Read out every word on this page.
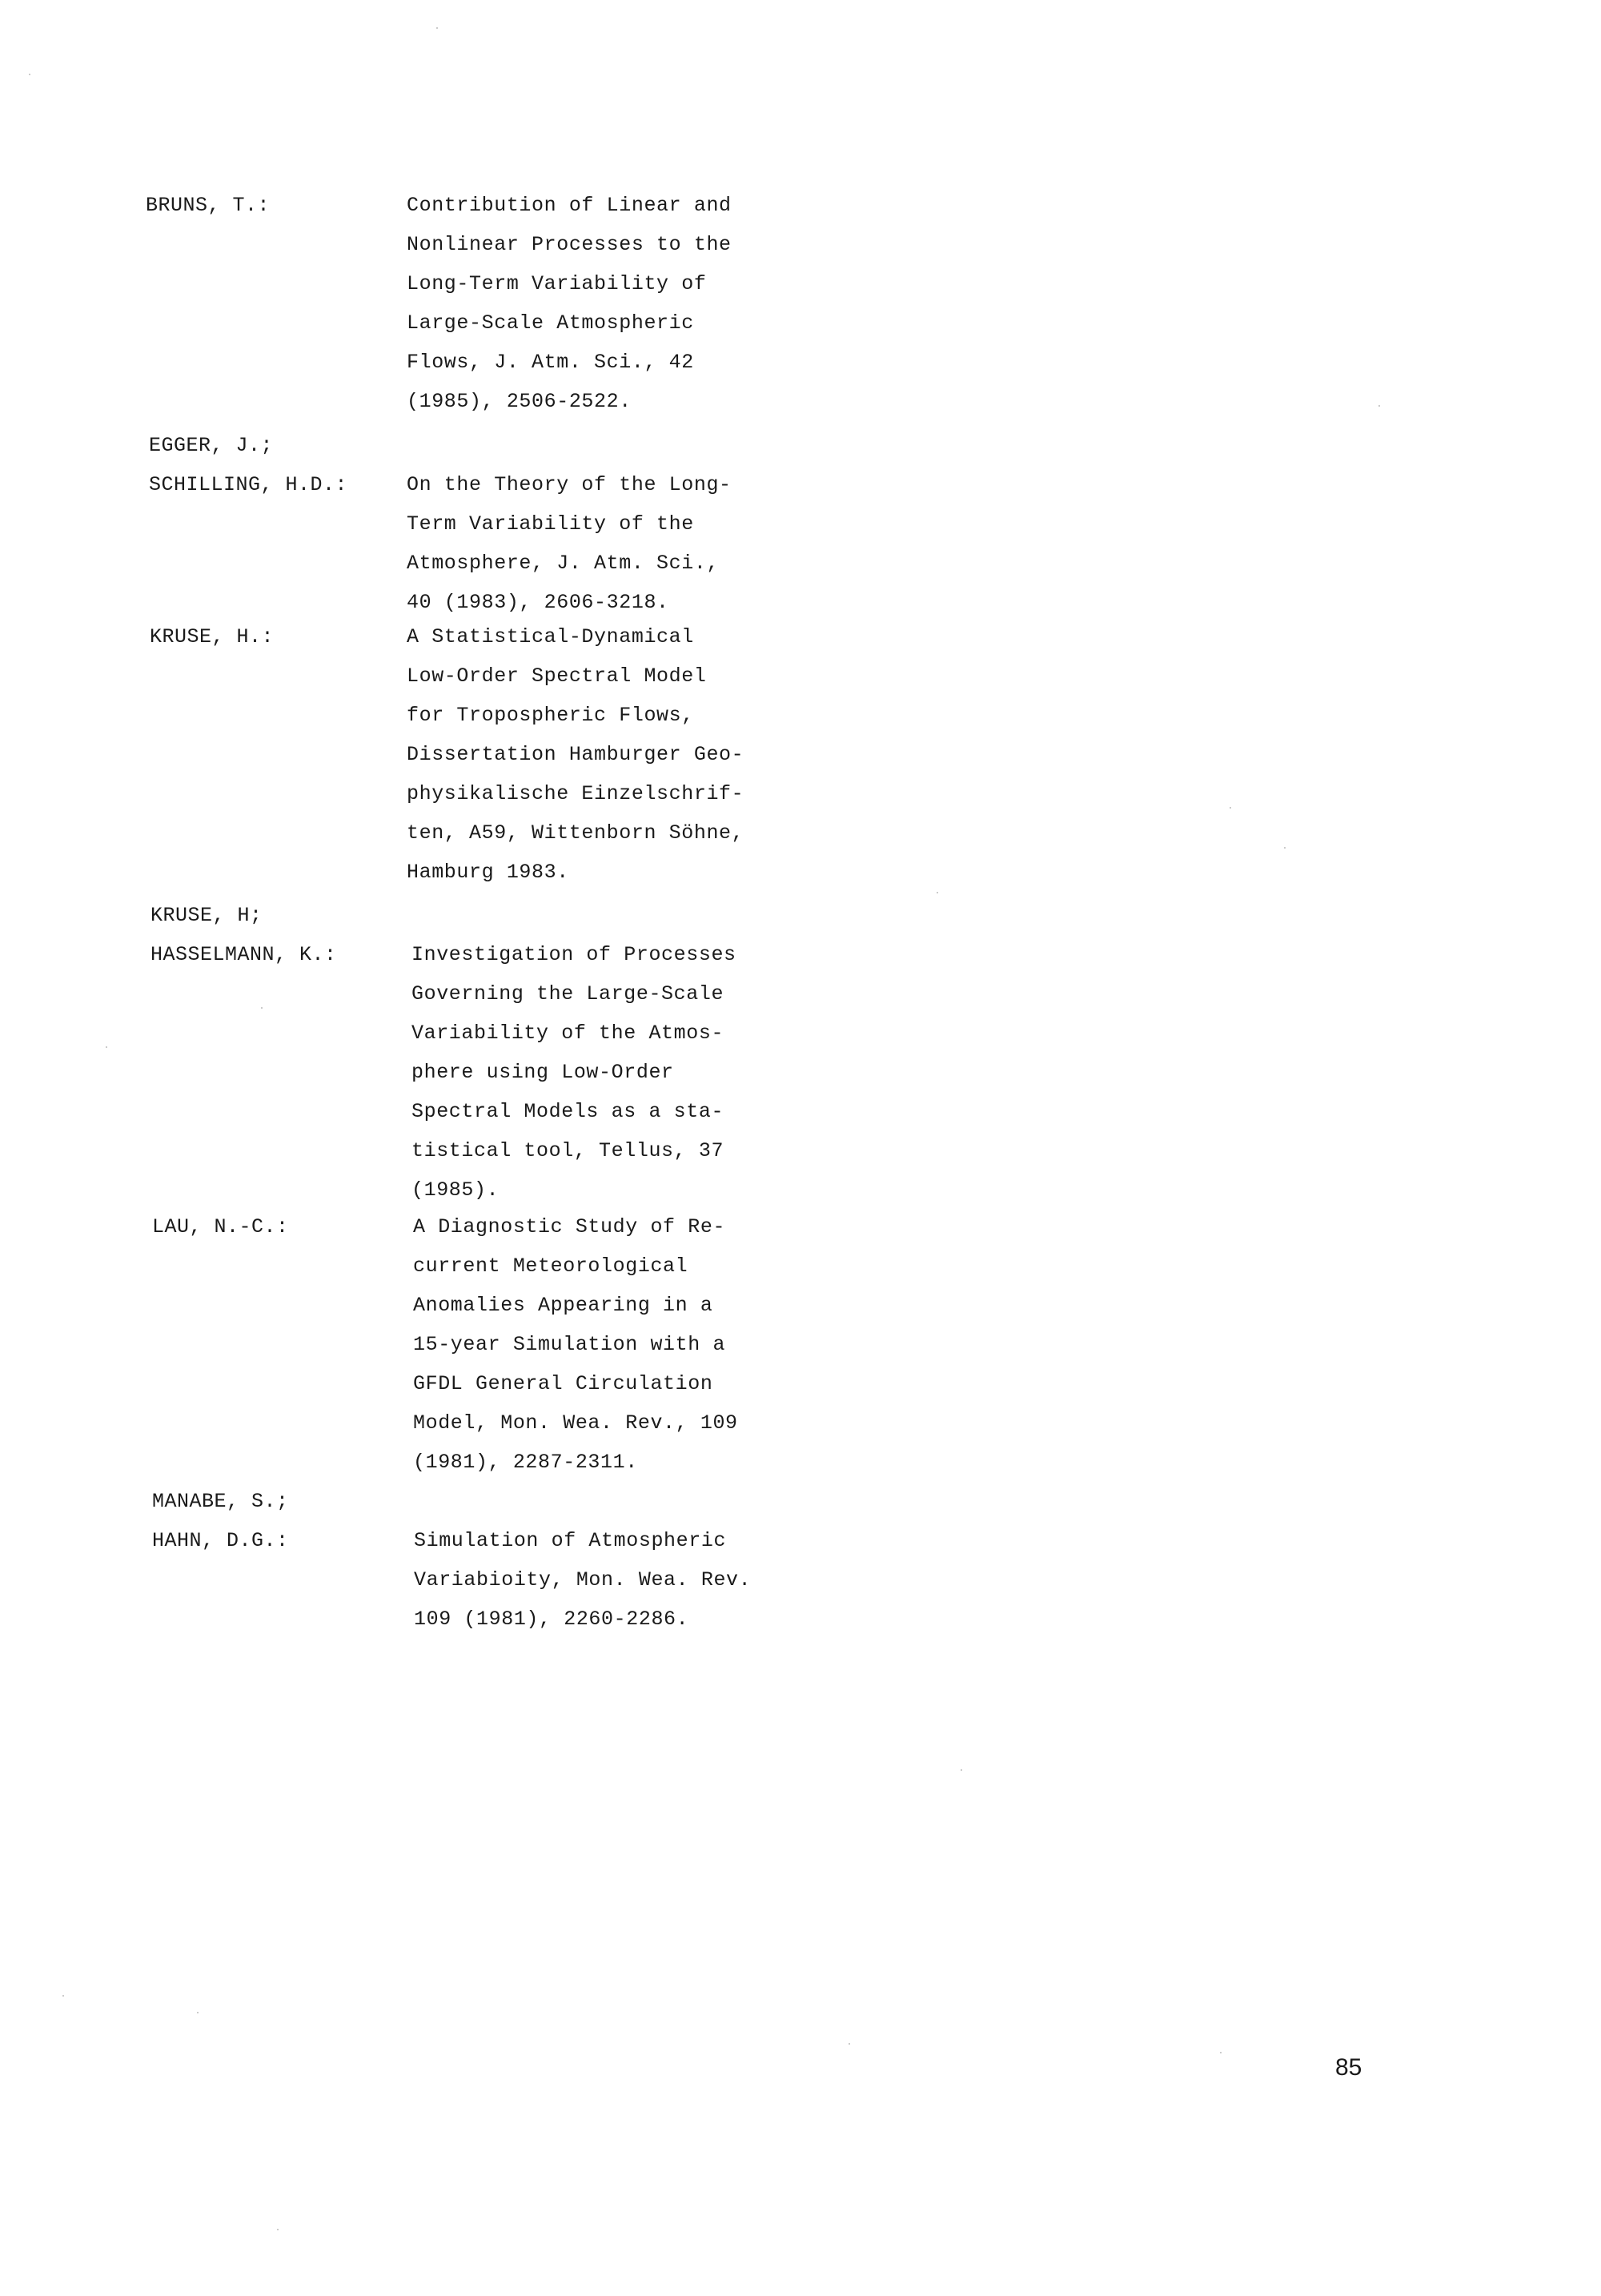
BRUNS, T.:	Contribution of Linear and
Nonlinear Processes to the
Long-Term Variability of
Large-Scale Atmospheric
Flows, J. Atm. Sci., 42
(1985), 2506-2522.
EGGER, J.;
SCHILLING, H.D.:	On the Theory of the Long-
Term Variability of the
Atmosphere, J. Atm. Sci.,
40 (1983), 2606-3218.
KRUSE, H.:	A Statistical-Dynamical
Low-Order Spectral Model
for Tropospheric Flows,
Dissertation Hamburger Geo-
physikalische Einzelschrif-
ten, A59, Wittenborn Söhne,
Hamburg 1983.
KRUSE, H;
HASSELMANN, K.:	Investigation of Processes
Governing the Large-Scale
Variability of the Atmos-
phere using Low-Order
Spectral Models as a sta-
tistical tool, Tellus, 37
(1985).
LAU, N.-C.:	A Diagnostic Study of Re-
current Meteorological
Anomalies Appearing in a
15-year Simulation with a
GFDL General Circulation
Model, Mon. Wea. Rev., 109
(1981), 2287-2311.
MANABE, S.;
HAHN, D.G.:	Simulation of Atmospheric
Variabioity, Mon. Wea. Rev.
109 (1981), 2260-2286.
85
